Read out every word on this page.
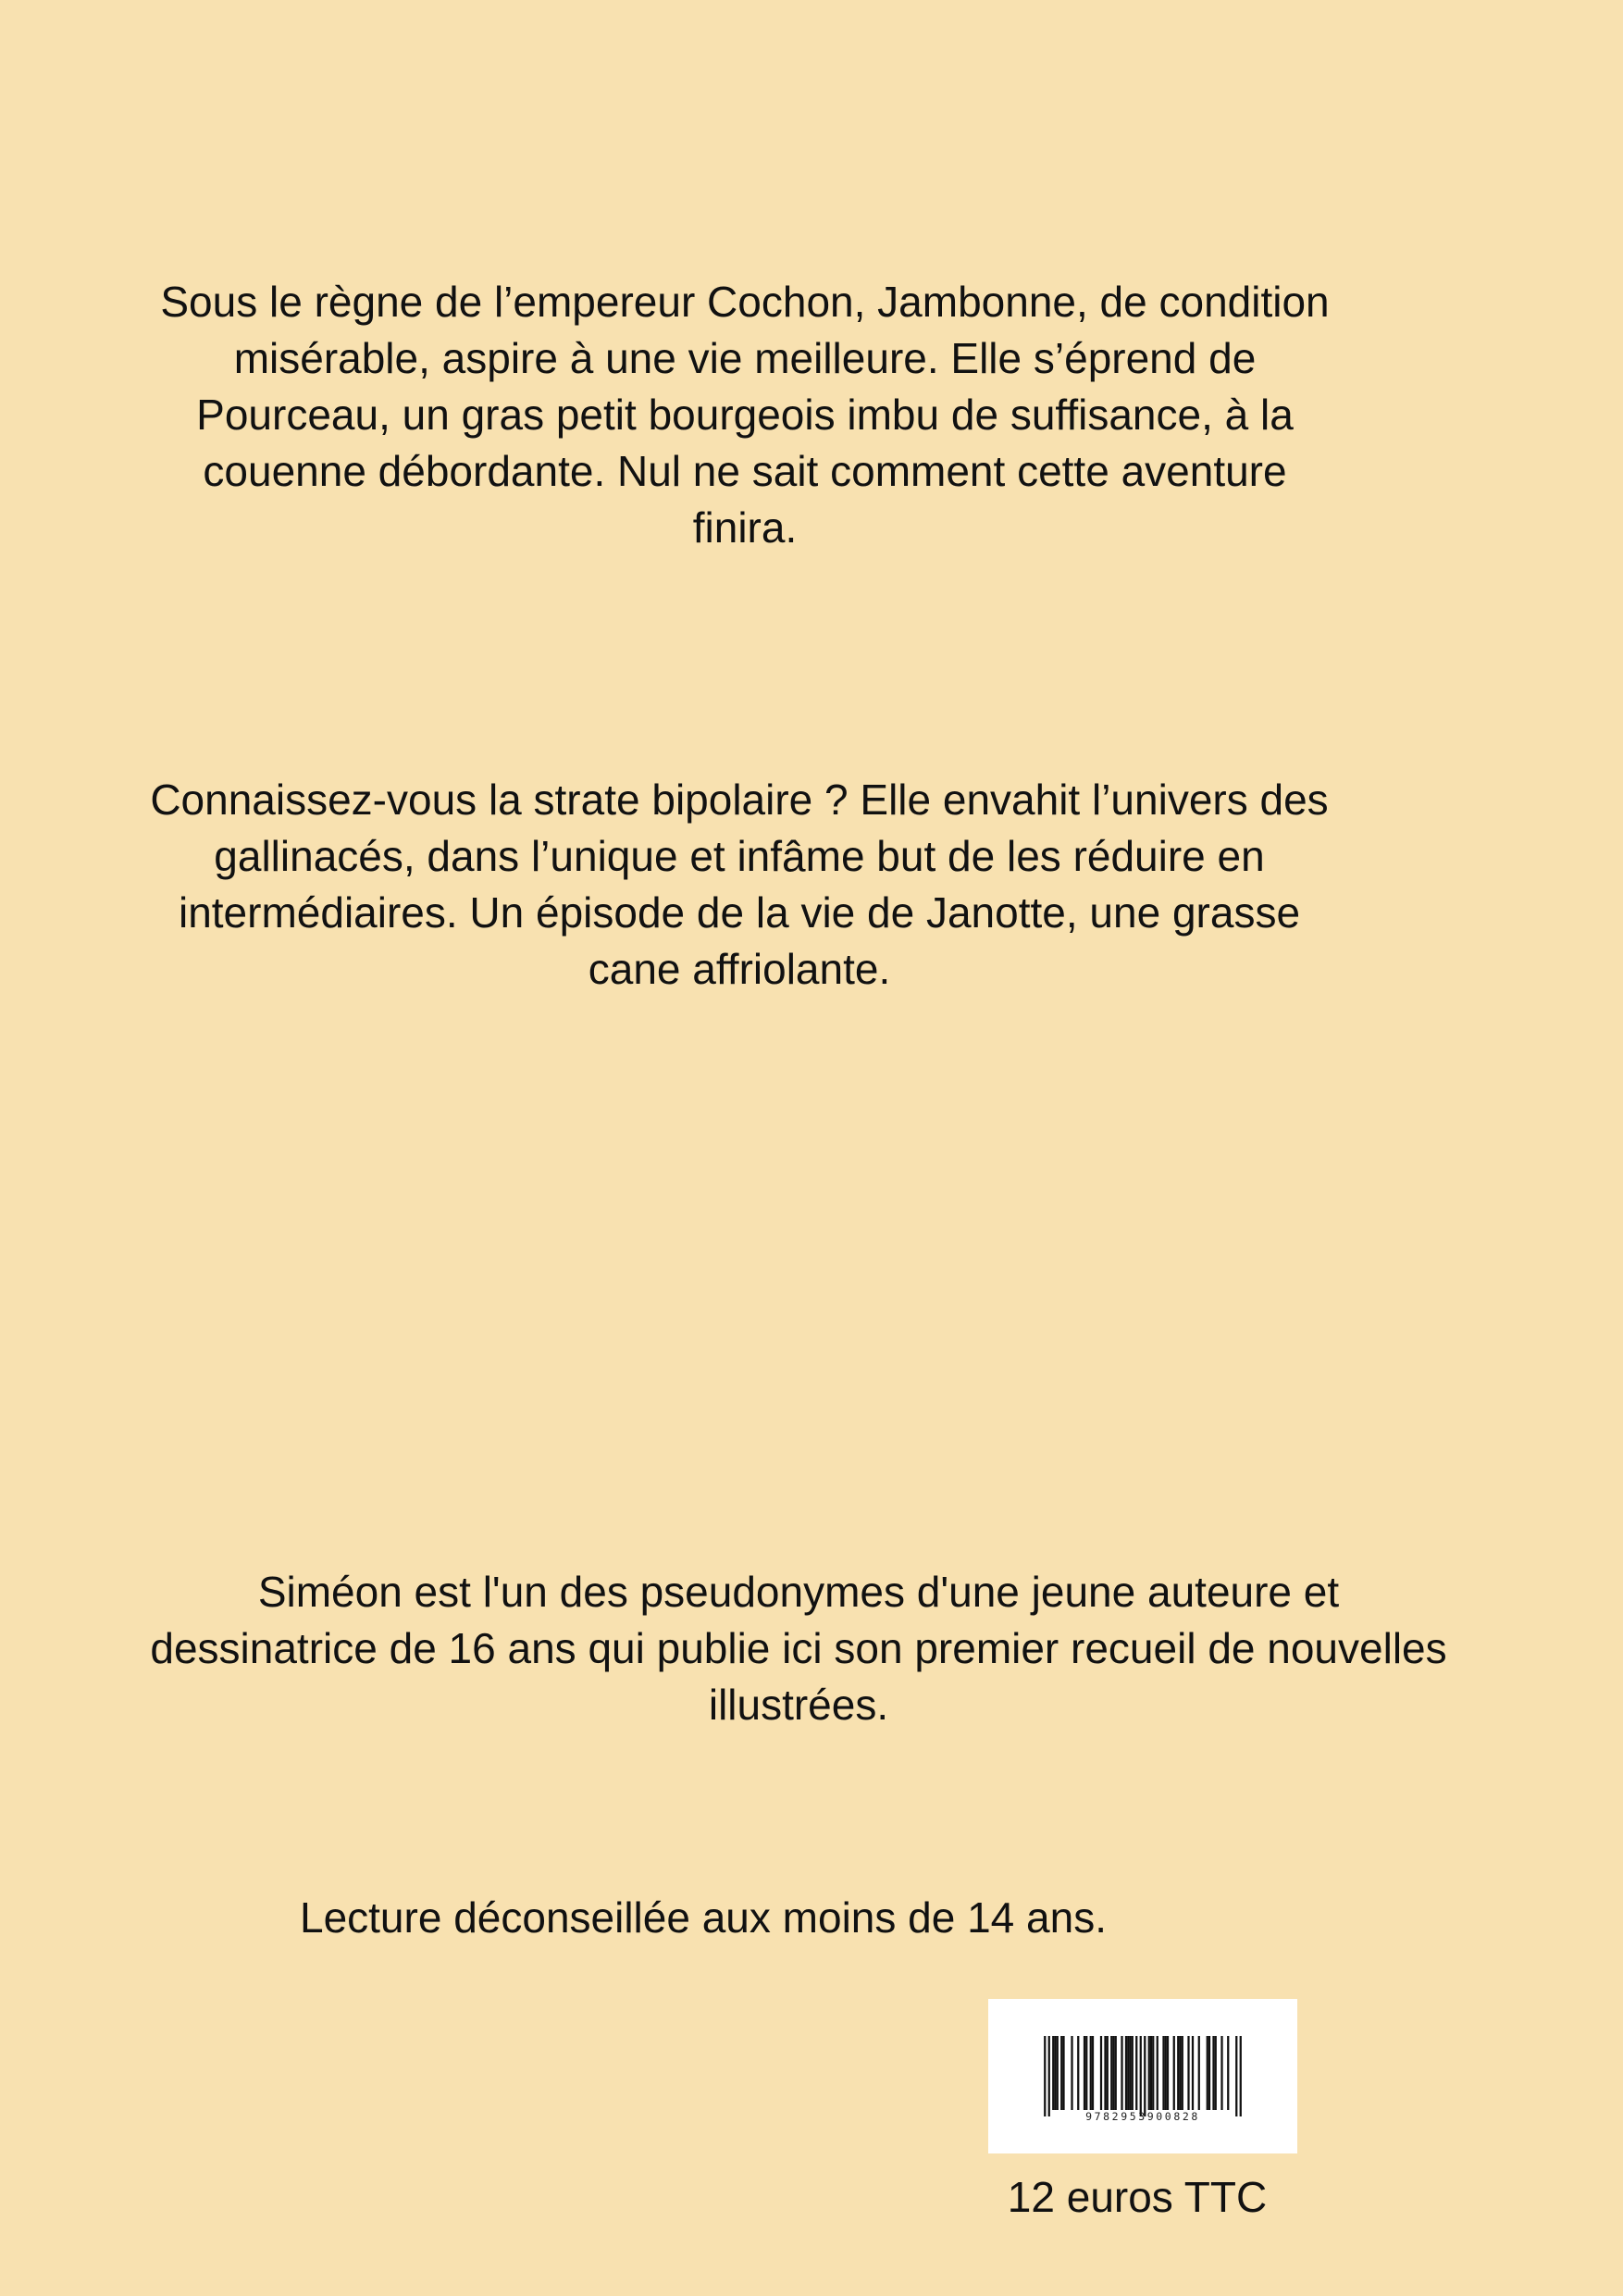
Sous le règne de l’empereur Cochon, Jambonne, de condition
misérable, aspire à une vie meilleure. Elle s’éprend de
Pourceau, un gras petit bourgeois imbu de suffisance, à la
couenne débordante. Nul ne sait comment cette aventure
finira.
Connaissez-vous la strate bipolaire ? Elle envahit l’univers des
gallinacés, dans l’unique et infâme but de les réduire en
intermédiaires. Un épisode de la vie de Janotte, une grasse
cane affriolante.
Siméon est l'un des pseudonymes d'une jeune auteure et
dessinatrice de 16 ans qui publie ici son premier recueil de nouvelles
illustrées.
Lecture déconseillée aux moins de 14 ans.
9782953900828
12 euros TTC
